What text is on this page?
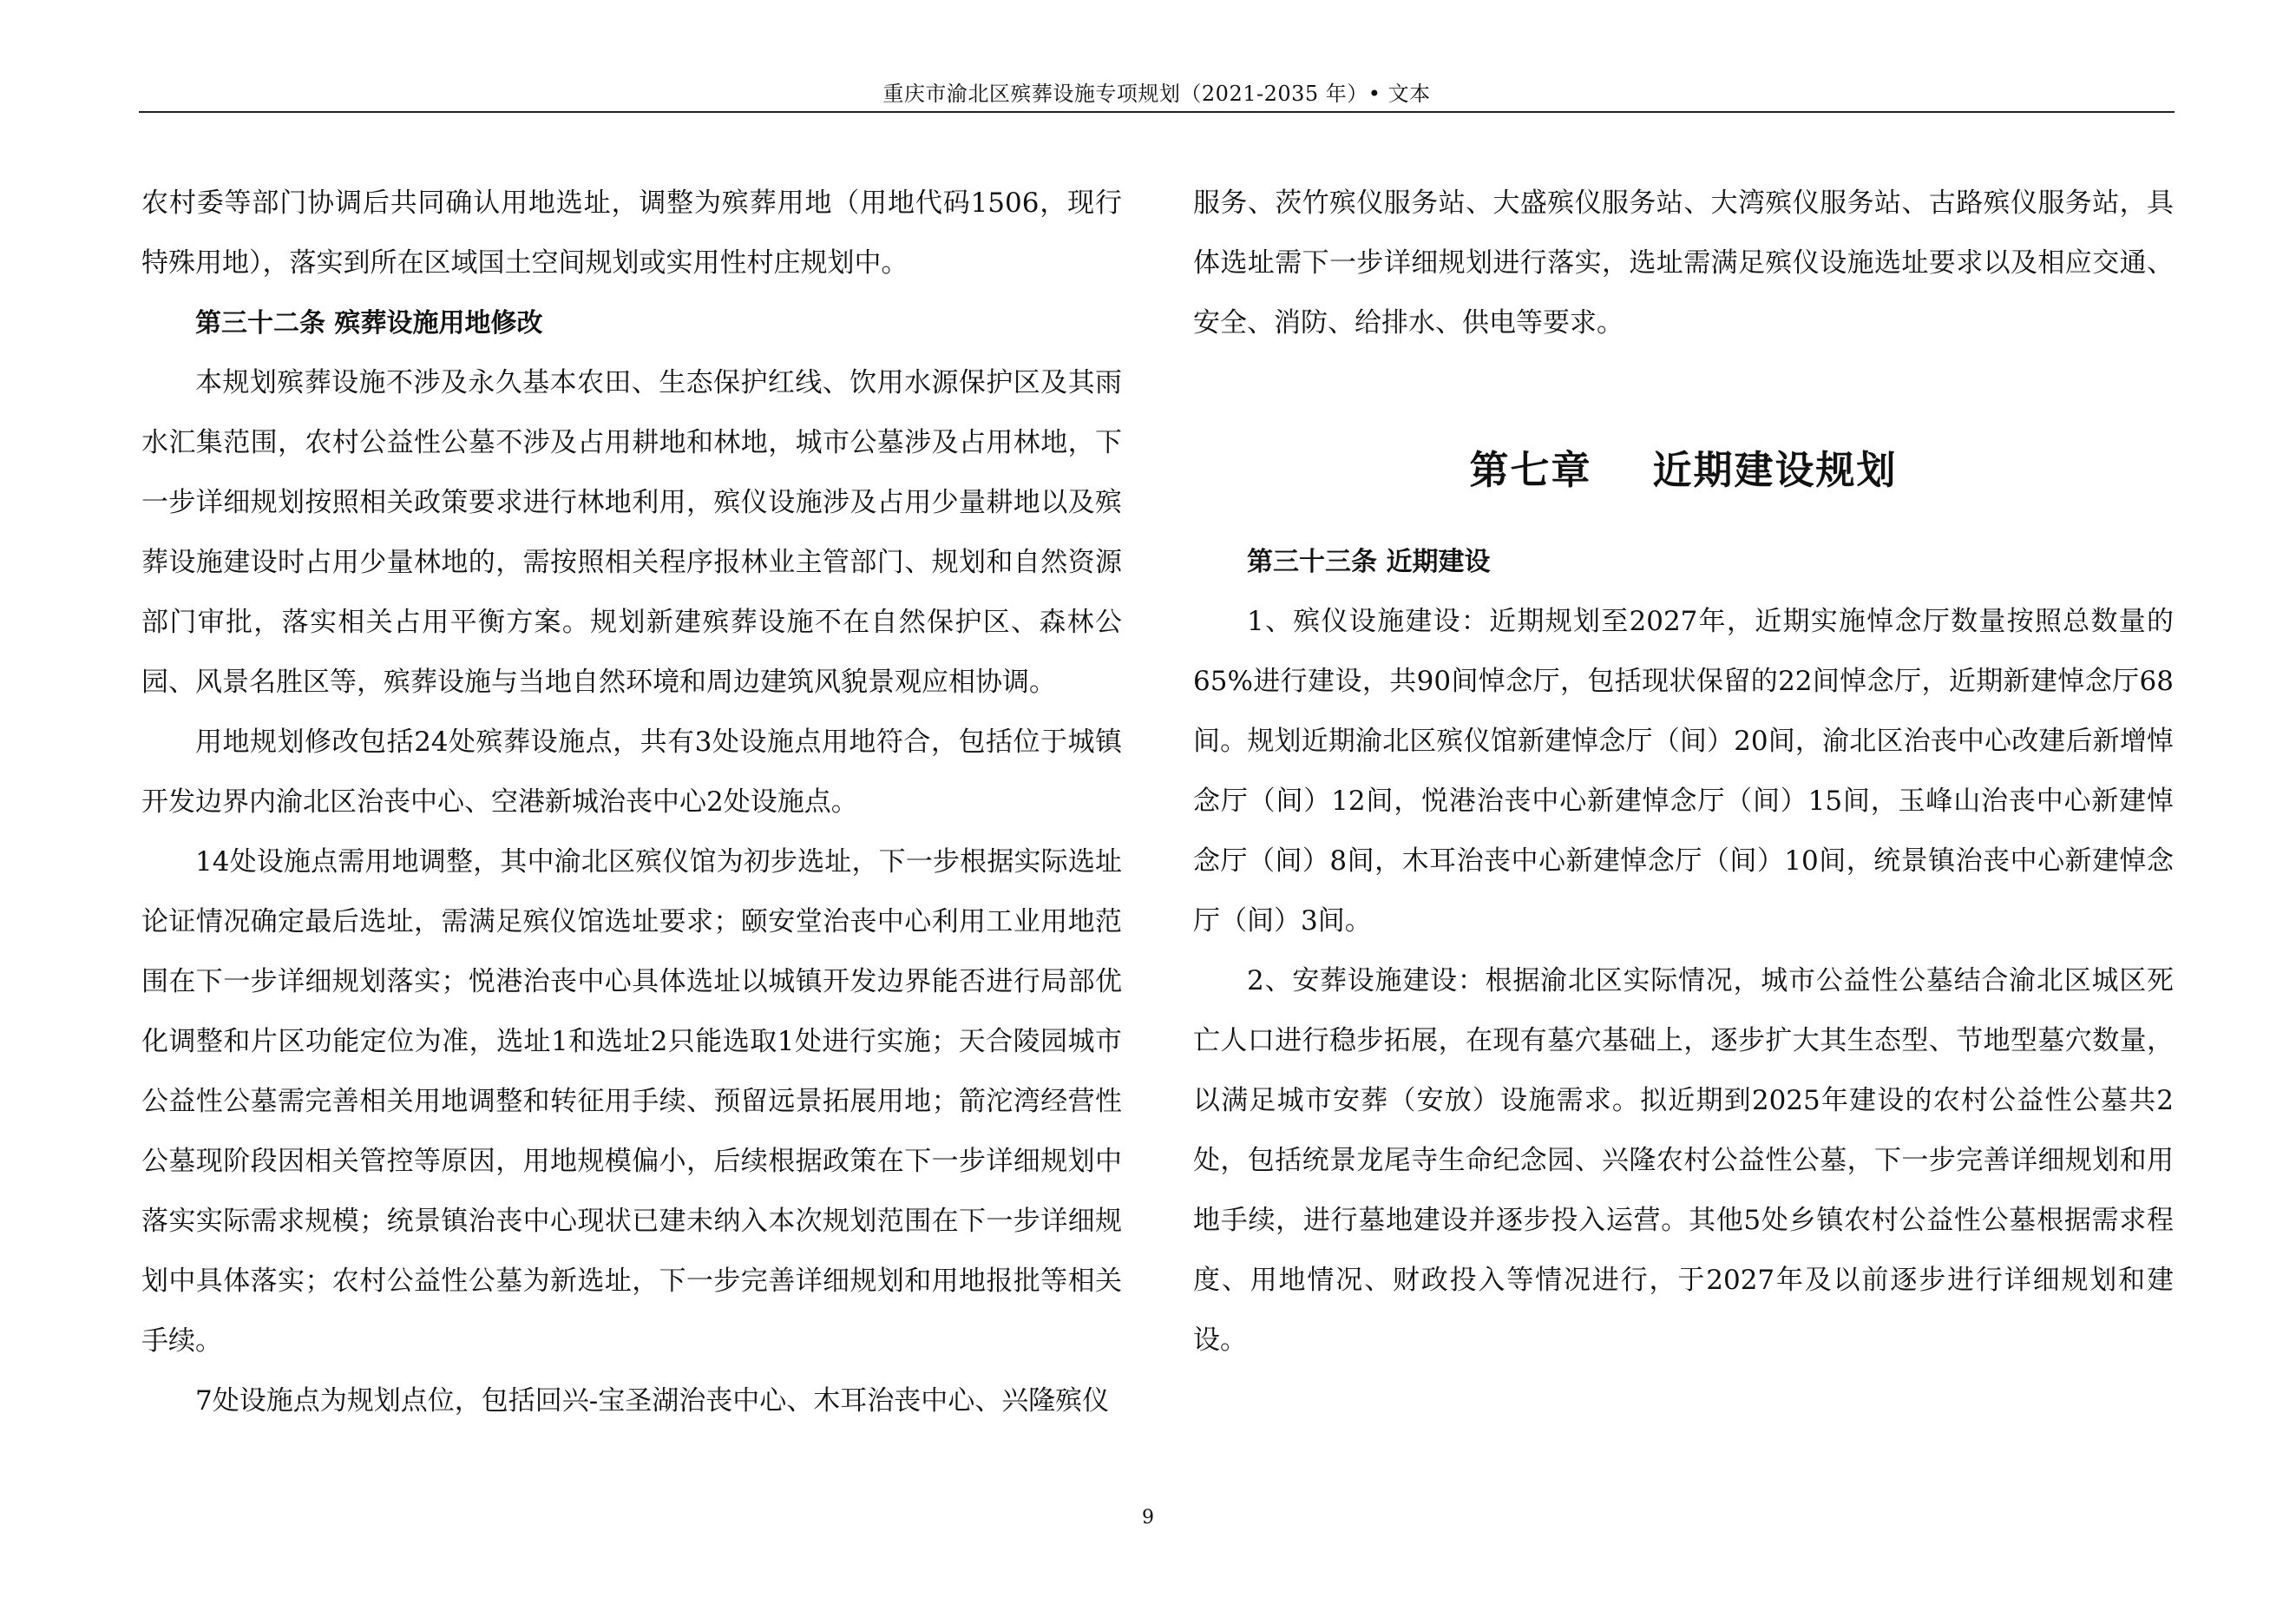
重庆市渝北区殡葬设施专项规划（2021-2035 年）• 文本

农村委等部门协调后共同确认用地选址，调整为殡葬用地（用地代码1506，现行特殊用地），落实到所在区域国土空间规划或实用性村庄规划中。

第三十二条 殡葬设施用地修改

本规划殡葬设施不涉及永久基本农田、生态保护红线、饮用水源保护区及其雨水汇集范围，农村公益性公墓不涉及占用耕地和林地，城市公墓涉及占用林地，下一步详细规划按照相关政策要求进行林地利用，殡仪设施涉及占用少量耕地以及殡葬设施建设时占用少量林地的，需按照相关程序报林业主管部门、规划和自然资源部门审批，落实相关占用平衡方案。规划新建殡葬设施不在自然保护区、森林公园、风景名胜区等，殡葬设施与当地自然环境和周边建筑风貌景观应相协调。

用地规划修改包括24处殡葬设施点，共有3处设施点用地符合，包括位于城镇开发边界内渝北区治丧中心、空港新城治丧中心2处设施点。

14处设施点需用地调整，其中渝北区殡仪馆为初步选址，下一步根据实际选址论证情况确定最后选址，需满足殡仪馆选址要求；颐安堂治丧中心利用工业用地范围在下一步详细规划落实；悦港治丧中心具体选址以城镇开发边界能否进行局部优化调整和片区功能定位为准，选址1和选址2只能选取1处进行实施；天合陵园城市公益性公墓需完善相关用地调整和转征用手续、预留远景拓展用地；箭沱湾经营性公墓现阶段因相关管控等原因，用地规模偏小，后续根据政策在下一步详细规划中落实实际需求规模；统景镇治丧中心现状已建未纳入本次规划范围在下一步详细规划中具体落实；农村公益性公墓为新选址，下一步完善详细规划和用地报批等相关手续。

7处设施点为规划点位，包括回兴-宝圣湖治丧中心、木耳治丧中心、兴隆殡仪

服务、茨竹殡仪服务站、大盛殡仪服务站、大湾殡仪服务站、古路殡仪服务站，具体选址需下一步详细规划进行落实，选址需满足殡仪设施选址要求以及相应交通、安全、消防、给排水、供电等要求。

第七章 近期建设规划

第三十三条 近期建设

1、殡仪设施建设：近期规划至2027年，近期实施悼念厅数量按照总数量的65%进行建设，共90间悼念厅，包括现状保留的22间悼念厅，近期新建悼念厅68间。规划近期渝北区殡仪馆新建悼念厅（间）20间，渝北区治丧中心改建后新增悼念厅（间）12间，悦港治丧中心新建悼念厅（间）15间，玉峰山治丧中心新建悼念厅（间）8间，木耳治丧中心新建悼念厅（间）10间，统景镇治丧中心新建悼念厅（间）3间。

2、安葬设施建设：根据渝北区实际情况，城市公益性公墓结合渝北区城区死亡人口进行稳步拓展，在现有墓穴基础上，逐步扩大其生态型、节地型墓穴数量，以满足城市安葬（安放）设施需求。拟近期到2025年建设的农村公益性公墓共2处，包括统景龙尾寺生命纪念园、兴隆农村公益性公墓，下一步完善详细规划和用地手续，进行墓地建设并逐步投入运营。其他5处乡镇农村公益性公墓根据需求程度、用地情况、财政投入等情况进行，于2027年及以前逐步进行详细规划和建设。

9
